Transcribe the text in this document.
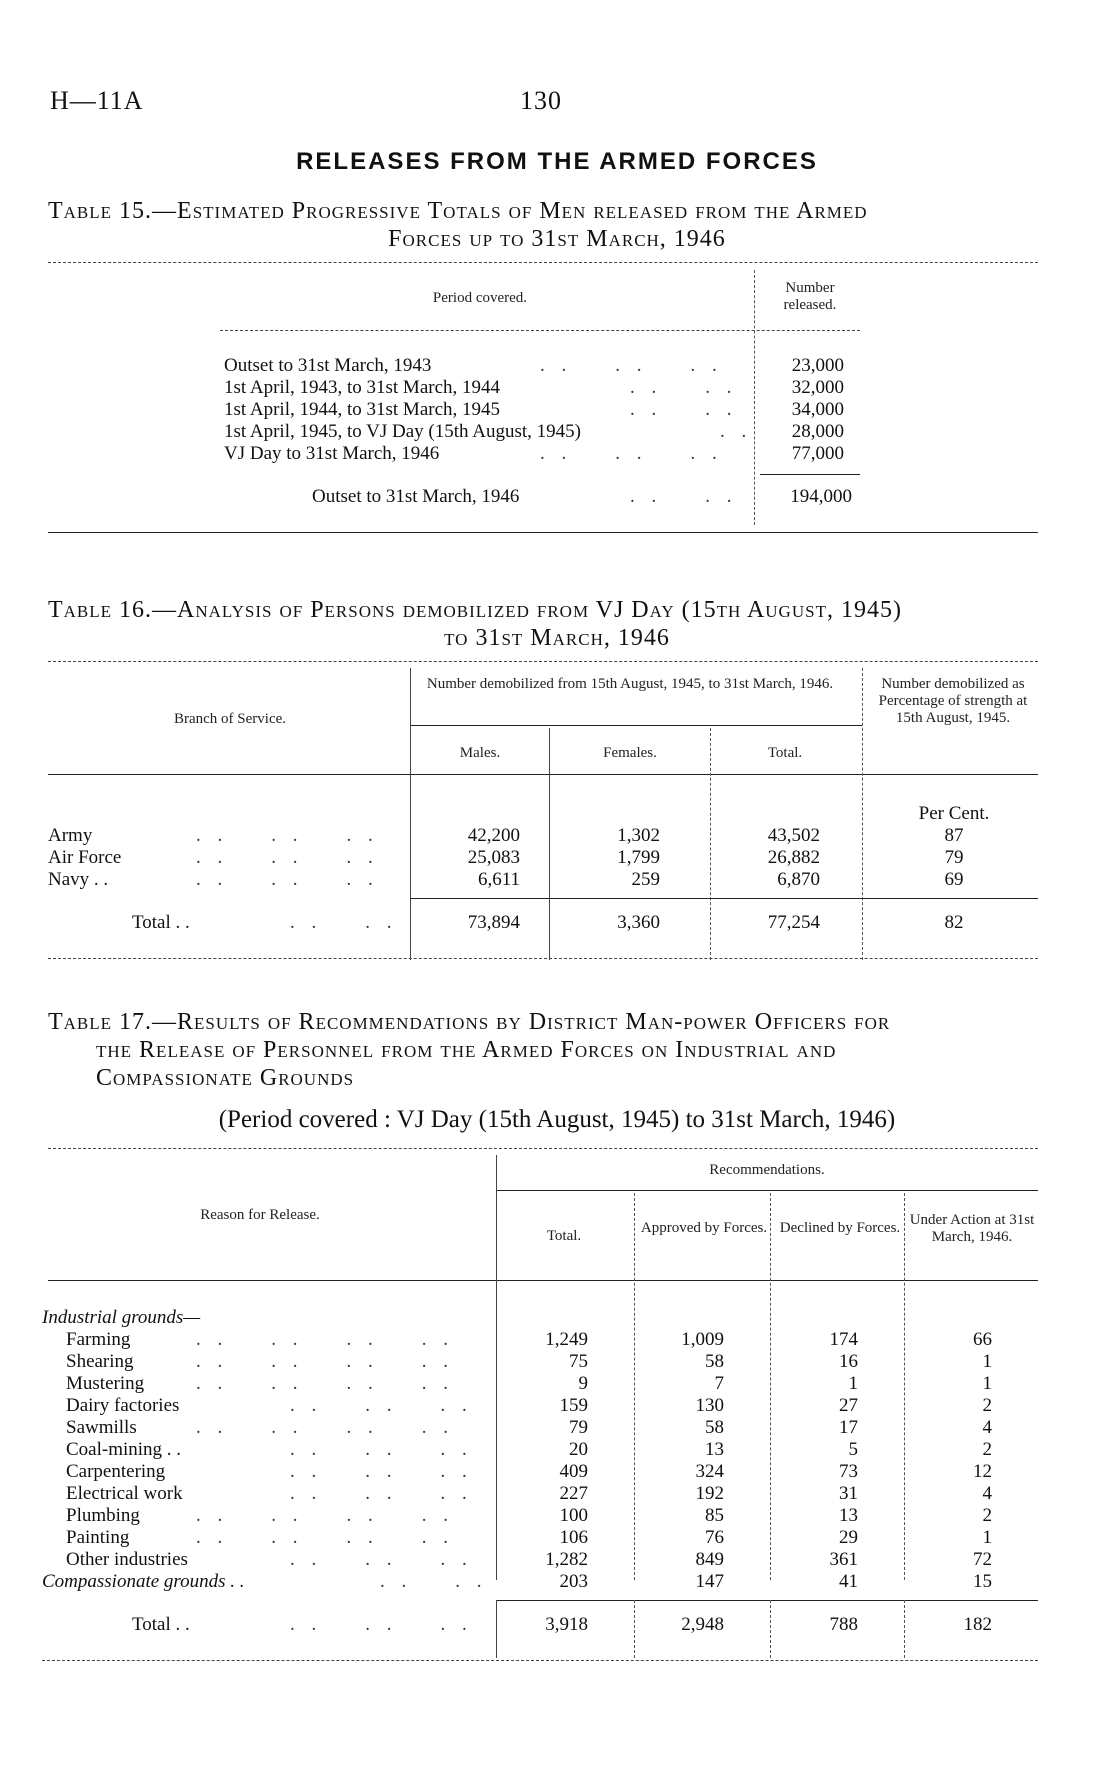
H—11A	130
RELEASES FROM THE ARMED FORCES
Table 15.—Estimated Progressive Totals of Men released from the Armed
Forces up to 31st March, 1946
Period covered.
Number released.
Outset to 31st March, 1943	. .    . .    . .	23,000
1st April, 1943, to 31st March, 1944	. .    . .	32,000
1st April, 1944, to 31st March, 1945	. .    . .	34,000
1st April, 1945, to VJ Day (15th August, 1945)	. .	28,000
VJ Day to 31st March, 1946	. .    . .    . .	77,000
Outset to 31st March, 1946	. .    . .	194,000
Table 16.—Analysis of Persons demobilized from VJ Day (15th August, 1945)
to 31st March, 1946
Branch of Service.
Number demobilized from 15th August, 1945, to 31st March, 1946.
Males.	Females.	Total.
Number demobilized as Percentage of strength at 15th August, 1945.
Per Cent.
Army	. .    . .    . .	42,200	1,302	43,502	87
Air Force	. .    . .    . .	25,083	1,799	26,882	79
Navy . .	. .    . .    . .	6,611	259	6,870	69
Total . .	. .    . .	73,894	3,360	77,254	82
Table 17.—Results of Recommendations by District Man-power Officers for
the Release of Personnel from the Armed Forces on Industrial and
Compassionate Grounds
(Period covered : VJ Day (15th August, 1945) to 31st March, 1946)
Reason for Release.
Recommendations.
Total.	Approved by Forces. Declined by Forces. Under Action at 31st March, 1946.
Industrial grounds—
Farming	. .    . .    . .    . .	1,249	1,009	174	66
Shearing	. .    . .    . .    . .	75	58	16	1
Mustering	. .    . .    . .    . .	9	7	1	1
Dairy factories	. .    . .    . .	159	130	27	2
Sawmills	. .    . .    . .    . .	79	58	17	4
Coal-mining . .	. .    . .    . .	20	13	5	2
Carpentering	. .    . .    . .	409	324	73	12
Electrical work	. .    . .    . .	227	192	31	4
Plumbing	. .    . .    . .    . .	100	85	13	2
Painting	. .    . .    . .    . .	106	76	29	1
Other industries	. .    . .    . .	1,282	849	361	72
Compassionate grounds . .	. .    . .	203	147	41	15
Total . .	. .    . .    . .	3,918	2,948	788	182
